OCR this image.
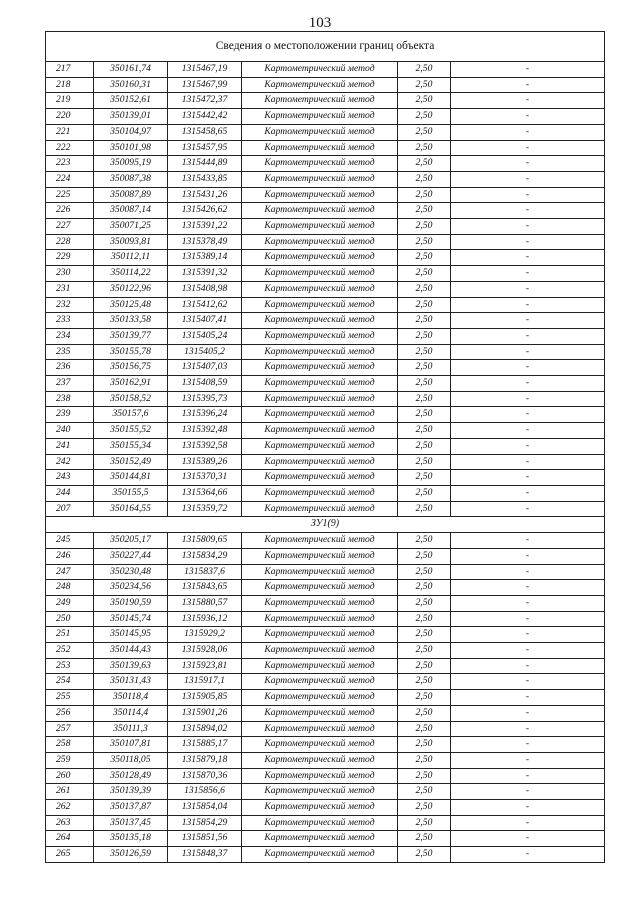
103
Сведения о местоположении границ объекта					
217	350161,74	1315467,19	Картометрический метод	2,50	-
218	350160,31	1315467,99	Картометрический метод	2,50	-
219	350152,61	1315472,37	Картометрический метод	2,50	-
220	350139,01	1315442,42	Картометрический метод	2,50	-
221	350104,97	1315458,65	Картометрический метод	2,50	-
222	350101,98	1315457,95	Картометрический метод	2,50	-
223	350095,19	1315444,89	Картометрический метод	2,50	-
224	350087,38	1315433,85	Картометрический метод	2,50	-
225	350087,89	1315431,26	Картометрический метод	2,50	-
226	350087,14	1315426,62	Картометрический метод	2,50	-
227	350071,25	1315391,22	Картометрический метод	2,50	-
228	350093,81	1315378,49	Картометрический метод	2,50	-
229	350112,11	1315389,14	Картометрический метод	2,50	-
230	350114,22	1315391,32	Картометрический метод	2,50	-
231	350122,96	1315408,98	Картометрический метод	2,50	-
232	350125,48	1315412,62	Картометрический метод	2,50	-
233	350133,58	1315407,41	Картометрический метод	2,50	-
234	350139,77	1315405,24	Картометрический метод	2,50	-
235	350155,78	1315405,2	Картометрический метод	2,50	-
236	350156,75	1315407,03	Картометрический метод	2,50	-
237	350162,91	1315408,59	Картометрический метод	2,50	-
238	350158,52	1315395,73	Картометрический метод	2,50	-
239	350157,6	1315396,24	Картометрический метод	2,50	-
240	350155,52	1315392,48	Картометрический метод	2,50	-
241	350155,34	1315392,58	Картометрический метод	2,50	-
242	350152,49	1315389,26	Картометрический метод	2,50	-
243	350144,81	1315370,31	Картометрический метод	2,50	-
244	350155,5	1315364,66	Картометрический метод	2,50	-
207	350164,55	1315359,72	Картометрический метод	2,50	-
ЗУ1(9)					
245	350205,17	1315809,65	Картометрический метод	2,50	-
246	350227,44	1315834,29	Картометрический метод	2,50	-
247	350230,48	1315837,6	Картометрический метод	2,50	-
248	350234,56	1315843,65	Картометрический метод	2,50	-
249	350190,59	1315880,57	Картометрический метод	2,50	-
250	350145,74	1315936,12	Картометрический метод	2,50	-
251	350145,95	1315929,2	Картометрический метод	2,50	-
252	350144,43	1315928,06	Картометрический метод	2,50	-
253	350139,63	1315923,81	Картометрический метод	2,50	-
254	350131,43	1315917,1	Картометрический метод	2,50	-
255	350118,4	1315905,85	Картометрический метод	2,50	-
256	350114,4	1315901,26	Картометрический метод	2,50	-
257	350111,3	1315894,02	Картометрический метод	2,50	-
258	350107,81	1315885,17	Картометрический метод	2,50	-
259	350118,05	1315879,18	Картометрический метод	2,50	-
260	350128,49	1315870,36	Картометрический метод	2,50	-
261	350139,39	1315856,6	Картометрический метод	2,50	-
262	350137,87	1315854,04	Картометрический метод	2,50	-
263	350137,45	1315854,29	Картометрический метод	2,50	-
264	350135,18	1315851,56	Картометрический метод	2,50	-
265	350126,59	1315848,37	Картометрический метод	2,50	-
